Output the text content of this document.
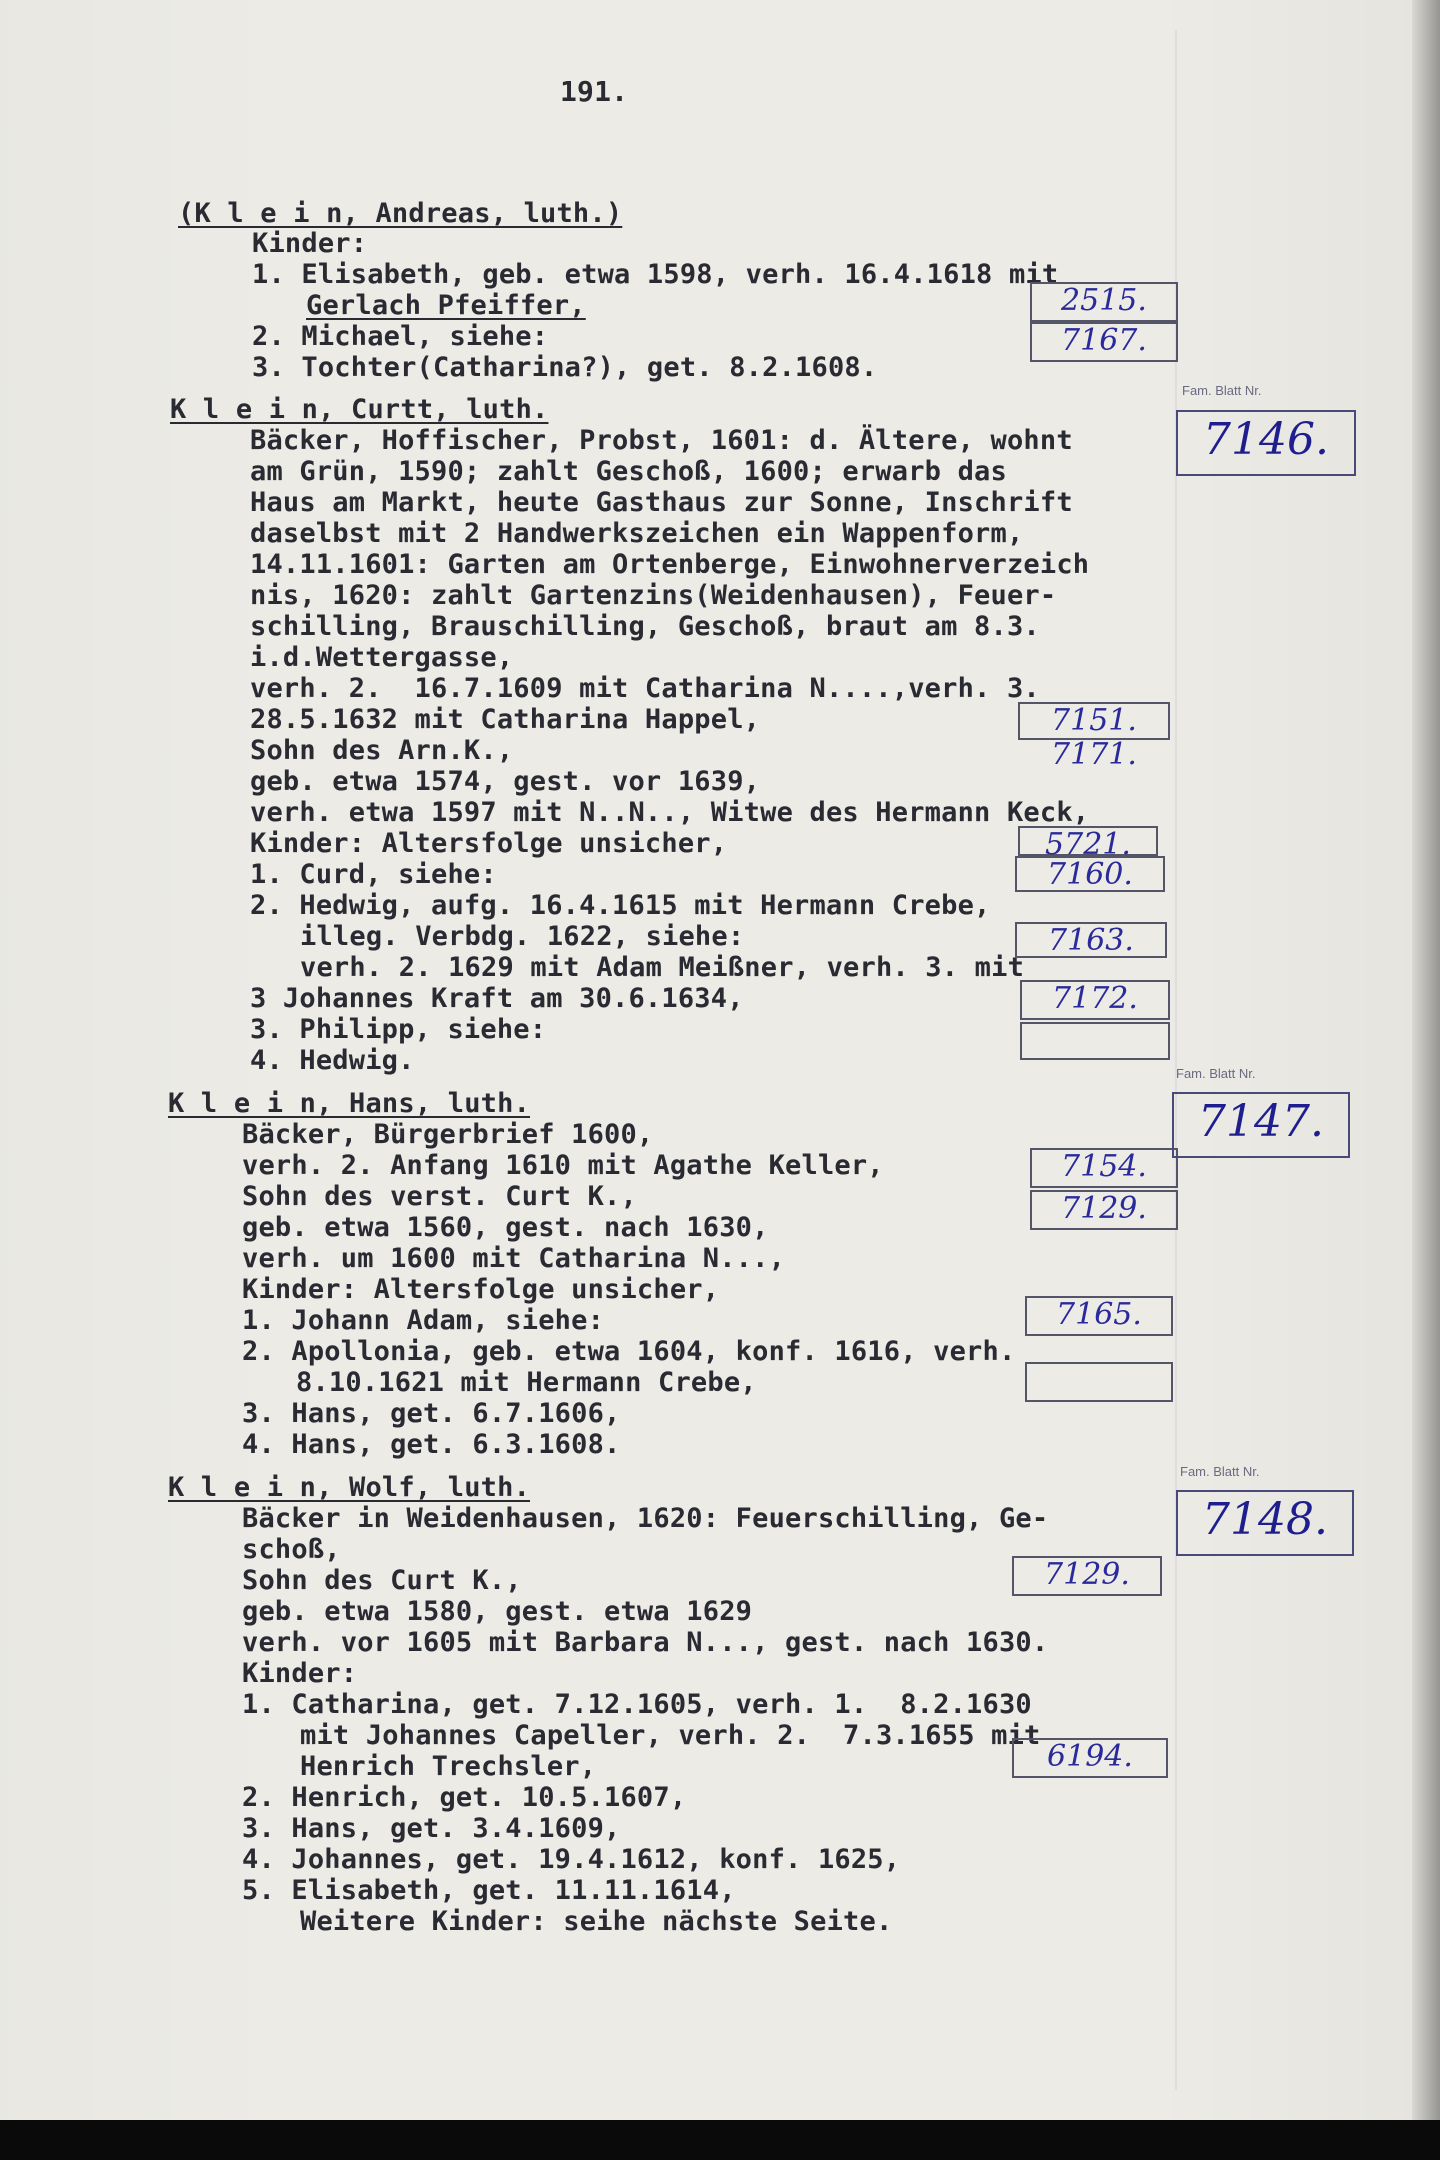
191.
(K l e i n, Andreas, luth.)
Kinder:
1. Elisabeth, geb. etwa 1598, verh. 16.4.1618 mit
Gerlach Pfeiffer,
2. Michael, siehe:
3. Tochter(Catharina?), get. 8.2.1608.
K l e i n, Curtt, luth.
Bäcker, Hoffischer, Probst, 1601: d. Ältere, wohnt
am Grün, 1590; zahlt Geschoß, 1600; erwarb das
Haus am Markt, heute Gasthaus zur Sonne, Inschrift
daselbst mit 2 Handwerkszeichen ein Wappenform,
14.11.1601: Garten am Ortenberge, Einwohnerverzeich
nis, 1620: zahlt Gartenzins(Weidenhausen), Feuer-
schilling, Brauschilling, Geschoß, braut am 8.3.
i.d.Wettergasse,
verh. 2.  16.7.1609 mit Catharina N....,verh. 3.
28.5.1632 mit Catharina Happel,
Sohn des Arn.K.,
geb. etwa 1574, gest. vor 1639,
verh. etwa 1597 mit N..N.., Witwe des Hermann Keck,
Kinder: Altersfolge unsicher,
1. Curd, siehe:
2. Hedwig, aufg. 16.4.1615 mit Hermann Crebe,
illeg. Verbdg. 1622, siehe:
verh. 2. 1629 mit Adam Meißner, verh. 3. mit
3 Johannes Kraft am 30.6.1634,
3. Philipp, siehe:
4. Hedwig.
K l e i n, Hans, luth.
Bäcker, Bürgerbrief 1600,
verh. 2. Anfang 1610 mit Agathe Keller,
Sohn des verst. Curt K.,
geb. etwa 1560, gest. nach 1630,
verh. um 1600 mit Catharina N...,
Kinder: Altersfolge unsicher,
1. Johann Adam, siehe:
2. Apollonia, geb. etwa 1604, konf. 1616, verh.
8.10.1621 mit Hermann Crebe,
3. Hans, get. 6.7.1606,
4. Hans, get. 6.3.1608.
K l e i n, Wolf, luth.
Bäcker in Weidenhausen, 1620: Feuerschilling, Ge-
schoß,
Sohn des Curt K.,
geb. etwa 1580, gest. etwa 1629
verh. vor 1605 mit Barbara N..., gest. nach 1630.
Kinder:
1. Catharina, get. 7.12.1605, verh. 1.  8.2.1630
mit Johannes Capeller, verh. 2.  7.3.1655 mit
Henrich Trechsler,
2. Henrich, get. 10.5.1607,
3. Hans, get. 3.4.1609,
4. Johannes, get. 19.4.1612, konf. 1625,
5. Elisabeth, get. 11.11.1614,
Weitere Kinder: seihe nächste Seite.
2515.
7167.
7151. 7171.
5721.
7160.
7163.
7172.
7154.
7129.
7165.
7129.
6194.
7146.
7147.
7148.
Fam. Blatt Nr.
Fam. Blatt Nr.
Fam. Blatt Nr.
